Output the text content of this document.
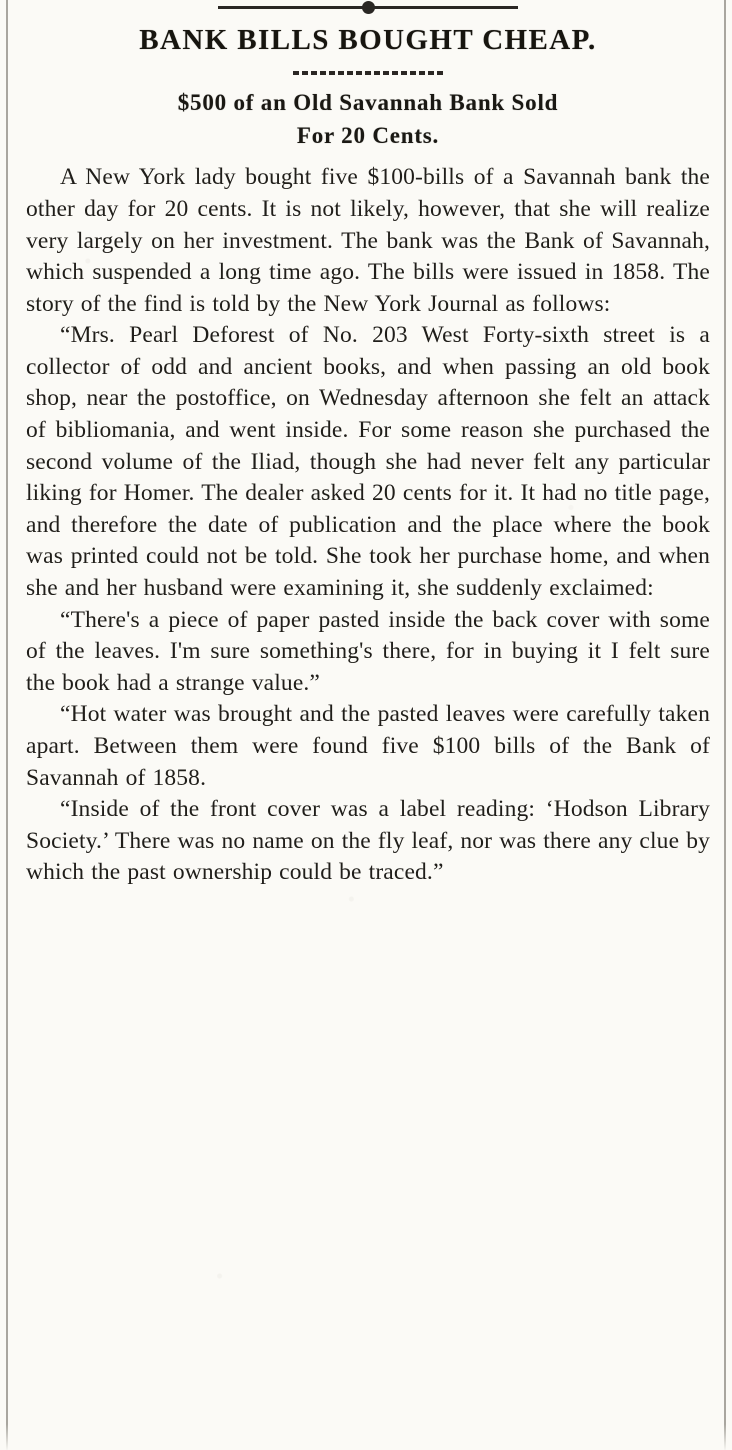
BANK BILLS BOUGHT CHEAP.
$500 of an Old Savannah Bank Sold
For 20 Cents.

A New York lady bought five $100-bills of a Savannah bank the other day for 20 cents. It is not likely, however, that she will realize very largely on her investment. The bank was the Bank of Savannah, which suspended a long time ago. The bills were issued in 1858. The story of the find is told by the New York Journal as follows:

“Mrs. Pearl Deforest of No. 203 West Forty-sixth street is a collector of odd and ancient books, and when passing an old book shop, near the postoffice, on Wednesday afternoon she felt an attack of bibliomania, and went inside. For some reason she purchased the second volume of the Iliad, though she had never felt any particular liking for Homer. The dealer asked 20 cents for it. It had no title page, and therefore the date of publication and the place where the book was printed could not be told. She took her purchase home, and when she and her husband were examining it, she suddenly exclaimed:

“There's a piece of paper pasted inside the back cover with some of the leaves. I'm sure something's there, for in buying it I felt sure the book had a strange value.”

“Hot water was brought and the pasted leaves were carefully taken apart. Between them were found five $100 bills of the Bank of Savannah of 1858.

“Inside of the front cover was a label reading: ‘Hodson Library Society.’ There was no name on the fly leaf, nor was there any clue by which the past ownership could be traced.”
